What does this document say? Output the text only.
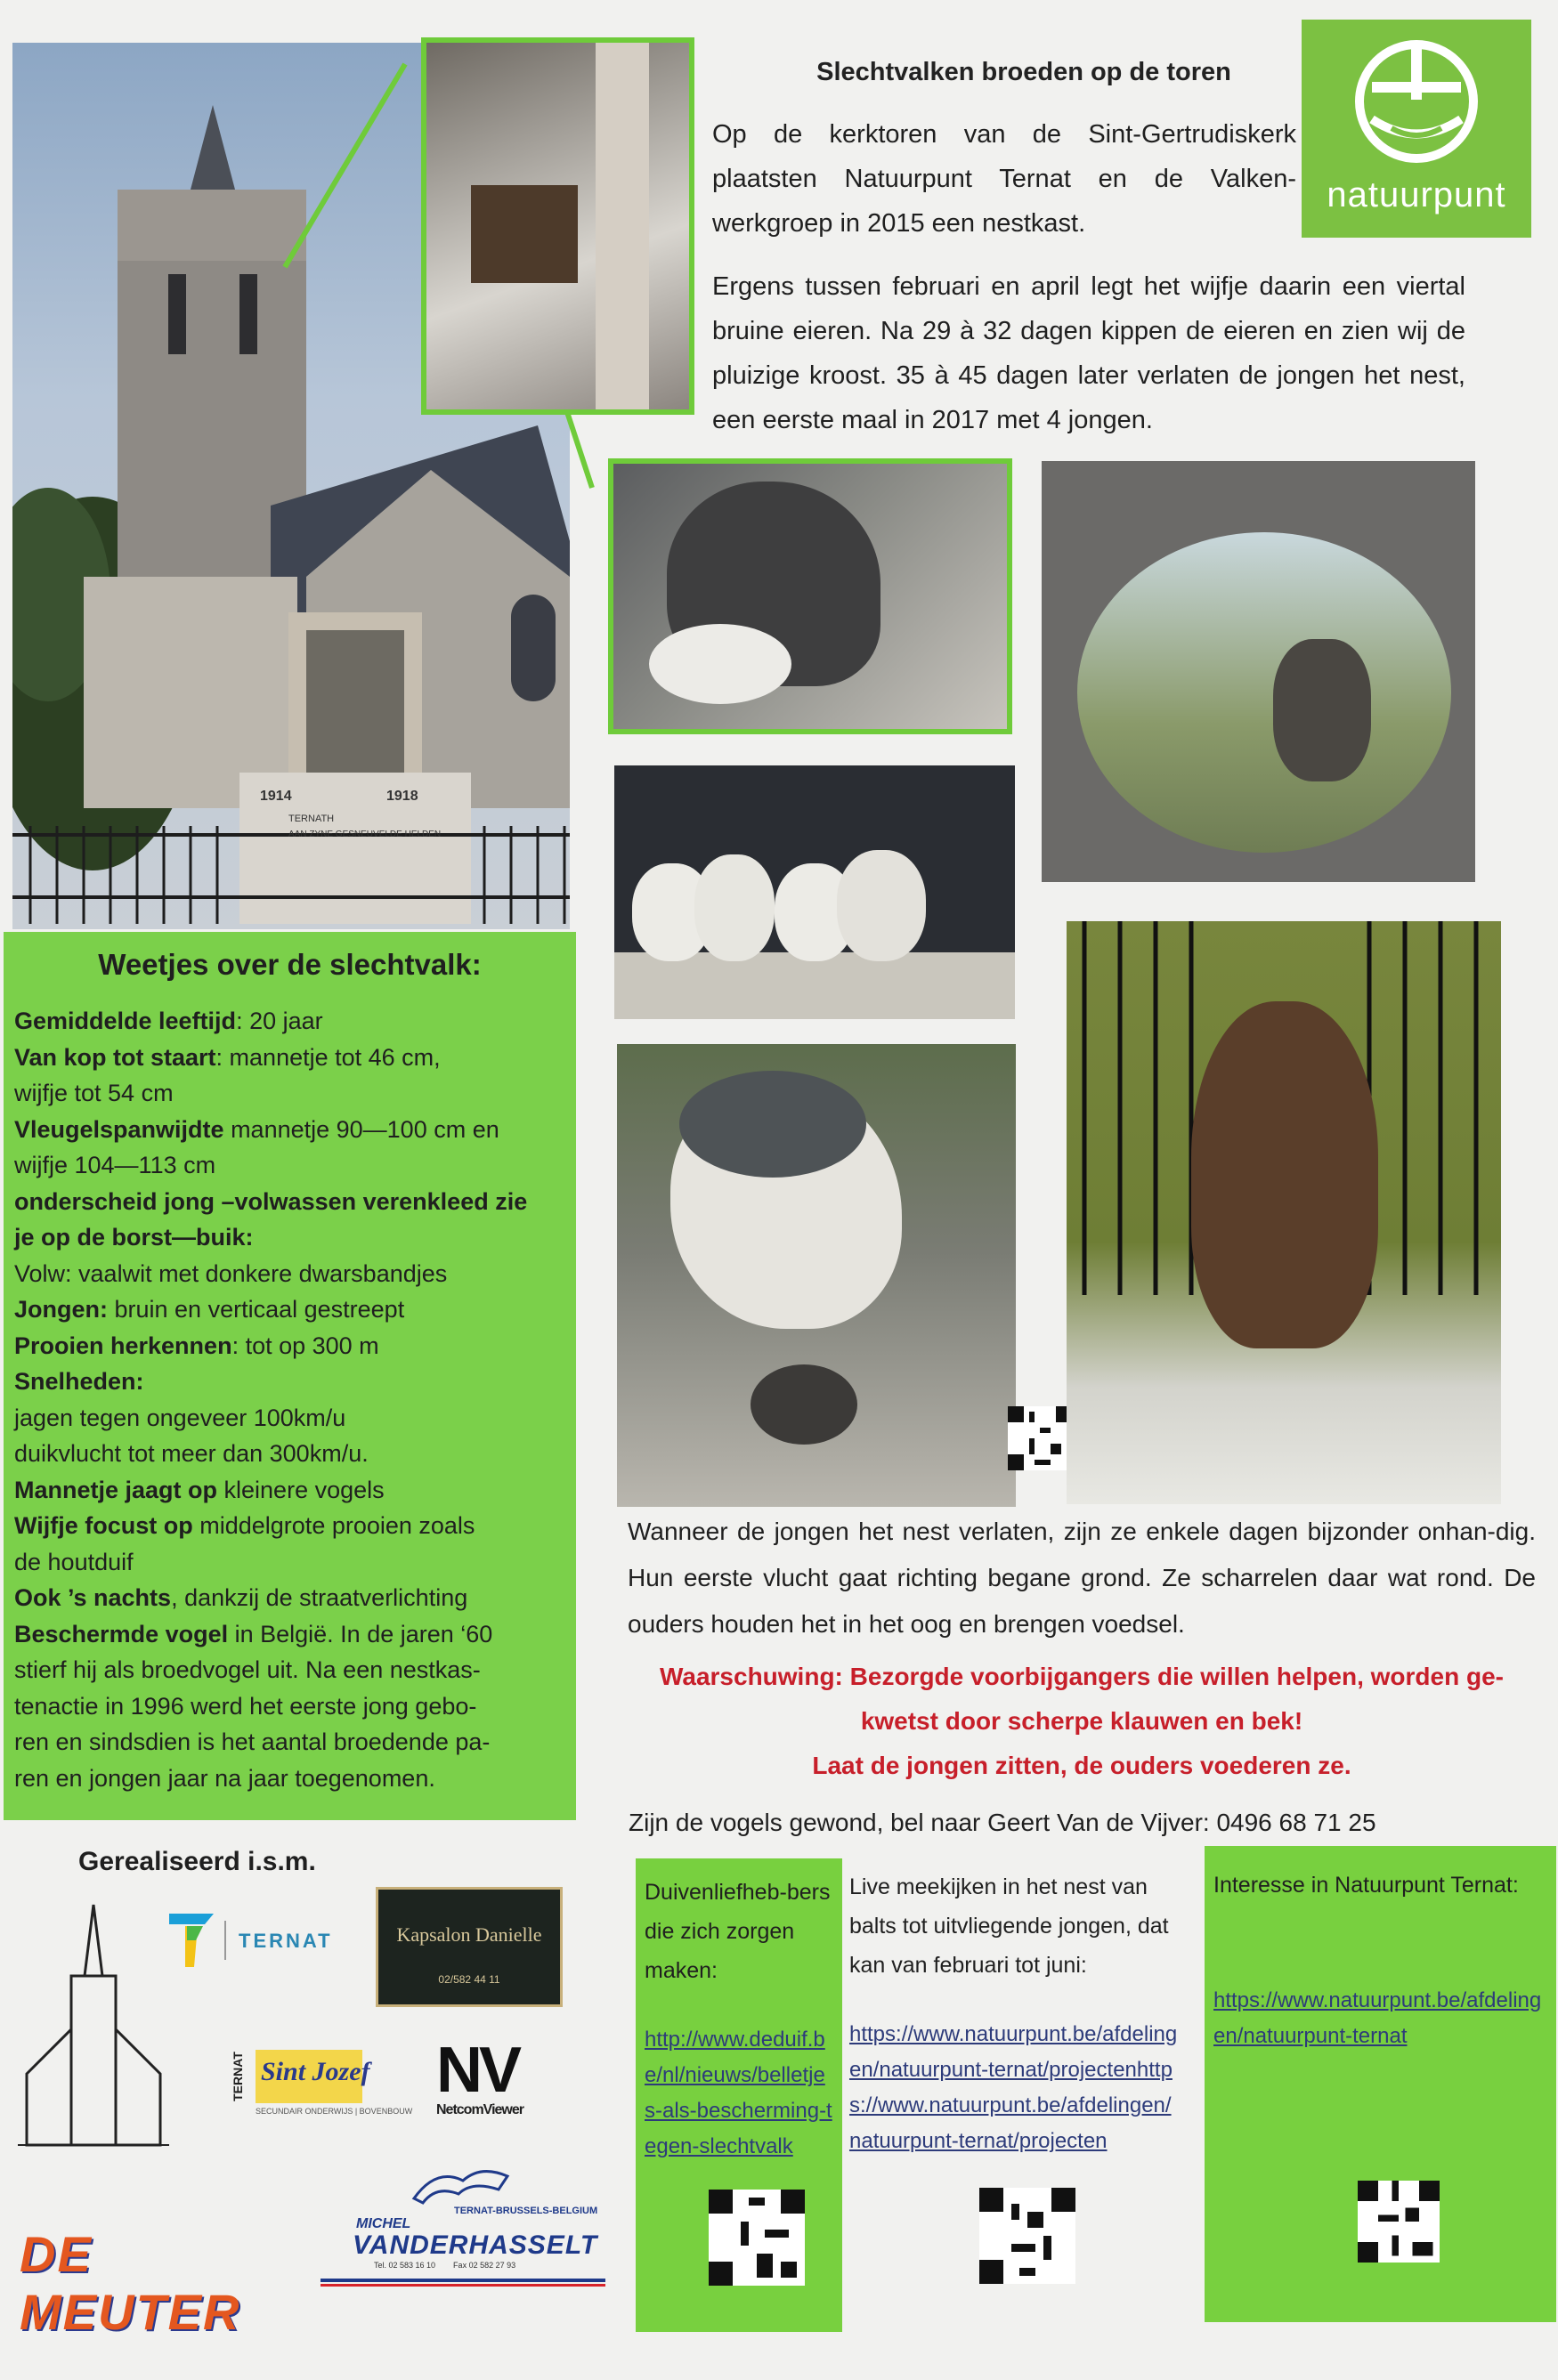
1914	1918
TERNATH
AAN ZYNE GESNEUVELDE HELDEN
Slechtvalken broeden op de toren

Op de kerktoren van de Sint-Gertrudiskerk plaatsten Natuurpunt Ternat en de Valken-werkgroep in 2015 een nestkast.

Ergens tussen februari en april legt het wijfje daarin een viertal bruine eieren. Na 29 à 32 dagen kippen de eieren en zien wij de pluizige kroost. 35 à 45 dagen later verlaten de jongen het nest, een eerste maal in 2017 met 4 jongen.

natuurpunt
Weetjes over de slechtvalk:
Gemiddelde leeftijd: 20 jaar
Van kop tot staart: mannetje tot 46 cm,
wijfje tot 54 cm
Vleugelspanwijdte mannetje 90—100 cm en
wijfje 104—113 cm
onderscheid jong –volwassen verenkleed zie
je op de borst—buik:
Volw: vaalwit met donkere dwarsbandjes
Jongen: bruin en verticaal gestreept
Prooien herkennen: tot op 300 m
Snelheden:
jagen tegen ongeveer 100km/u
duikvlucht tot meer dan 300km/u.
Mannetje jaagt op kleinere vogels
Wijfje focust op middelgrote prooien zoals
de houtduif
Ook ’s nachts, dankzij de straatverlichting
Beschermde vogel in België. In de jaren ‘60
stierf hij als broedvogel uit. Na een nestkas-
tenactie in 1996 werd het eerste jong gebo-
ren en sindsdien is het aantal broedende pa-
ren en jongen jaar na jaar toegenomen.
Wanneer de jongen het nest verlaten, zijn ze enkele dagen bijzonder onhan-dig. Hun eerste vlucht gaat richting begane grond. Ze scharrelen daar wat rond. De ouders houden het in het oog en brengen voedsel.
Waarschuwing: Bezorgde voorbijgangers die willen helpen, worden ge-
kwetst door scherpe klauwen en bek!
Laat de jongen zitten, de ouders voederen ze.
Zijn de vogels gewond, bel naar Geert Van de Vijver: 0496 68 71 25
Gerealiseerd i.s.m.
TERNAT	Kapsalon Danielle
02/582 44 11
TERNAT Sint Jozef
SECUNDAIR ONDERWIJS | BOVENBOUW
NV
NetcomViewer
DE MEUTER
TERNAT-BRUSSELS-BELGIUM
MICHEL
VANDERHASSELT
Tel. 02 583 16 10        Fax 02 582 27 93
Duivenliefheb-bers die zich zorgen maken:
http://www.deduif.be/nl/nieuws/belletjes-als-bescherming-tegen-slechtvalk
Live meekijken in het nest van balts tot uitvliegende jongen, dat kan van februari tot juni:
https://www.natuurpunt.be/afdelingen/natuurpunt-ternat/projectenhttps://www.natuurpunt.be/afdelingen/natuurpunt-ternat/projecten
Interesse in Natuurpunt Ternat:
https://www.natuurpunt.be/afdelingen/natuurpunt-ternat
